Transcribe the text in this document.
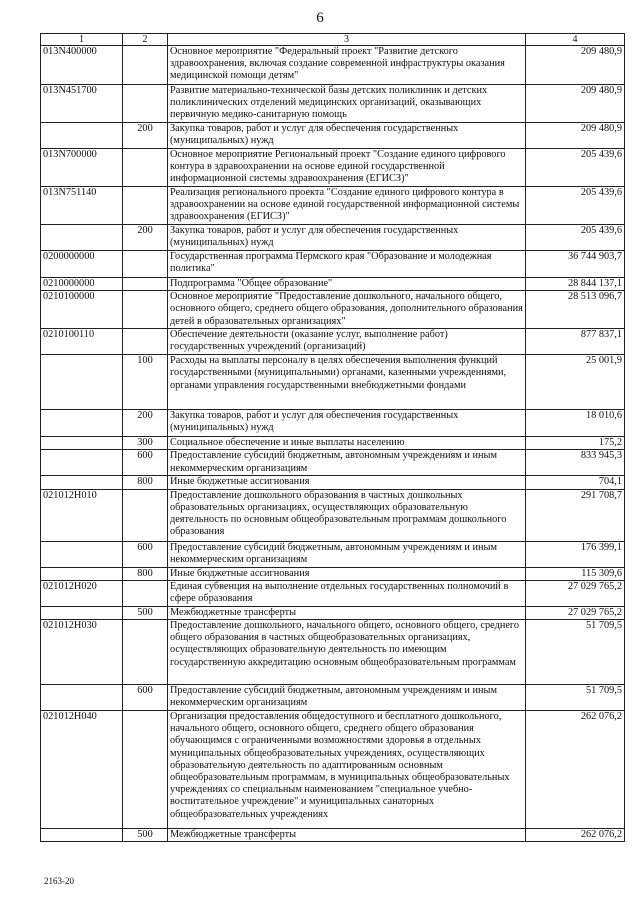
6
1	2	3	4
013N400000		Основное мероприятие "Федеральный проект "Развитие детского здравоохранения, включая создание современной инфраструктуры оказания медицинской помощи детям"	209 480,9
013N451700		Развитие материально-технической базы детских поликлиник и детских поликлинических отделений медицинских организаций, оказывающих первичную медико-санитарную помощь	209 480,9
	200	Закупка товаров, работ и услуг для обеспечения государственных (муниципальных) нужд	209 480,9
013N700000		Основное мероприятие Региональный проект "Создание единого цифрового контура в здравоохранении на основе единой государственной информационной системы здравоохранения (ЕГИСЗ)"	205 439,6
013N751140		Реализация регионального проекта "Создание единого цифрового контура в здравоохранении на основе единой государственной информационной системы здравоохранения (ЕГИСЗ)"	205 439,6
	200	Закупка товаров, работ и услуг для обеспечения государственных (муниципальных) нужд	205 439,6
0200000000		Государственная программа Пермского края "Образование и молодежная политика"	36 744 903,7
0210000000		Подпрограмма "Общее образование"	28 844 137,1
0210100000		Основное мероприятие "Предоставление дошкольного, начального общего, основного общего, среднего общего образования, дополнительного образования детей в образовательных организациях"	28 513 096,7
0210100110		Обеспечение деятельности (оказание услуг, выполнение работ) государственных учреждений (организаций)	877 837,1
	100	Расходы на выплаты персоналу в целях обеспечения выполнения функций государственными (муниципальными) органами, казенными учреждениями, органами управления государственными внебюджетными фондами	25 001,9
	200	Закупка товаров, работ и услуг для обеспечения государственных (муниципальных) нужд	18 010,6
	300	Социальное обеспечение и иные выплаты населению	175,2
	600	Предоставление субсидий бюджетным, автономным учреждениям и иным некоммерческим организациям	833 945,3
	800	Иные бюджетные ассигнования	704,1
021012Н010		Предоставление дошкольного образования в частных дошкольных образовательных организациях, осуществляющих образовательную деятельность по основным общеобразовательным программам дошкольного образования	291 708,7
	600	Предоставление субсидий бюджетным, автономным учреждениям и иным некоммерческим организациям	176 399,1
	800	Иные бюджетные ассигнования	115 309,6
021012Н020		Единая субвенция на выполнение отдельных государственных полномочий в сфере образования	27 029 765,2
	500	Межбюджетные трансферты	27 029 765,2
021012Н030		Предоставление дошкольного, начального общего, основного общего, среднего общего образования в частных общеобразовательных организациях, осуществляющих образовательную деятельность по имеющим государственную аккредитацию основным общеобразовательным программам	51 709,5
	600	Предоставление субсидий бюджетным, автономным учреждениям и иным некоммерческим организациям	51 709,5
021012Н040		Организация предоставления общедоступного и бесплатного дошкольного, начального общего, основного общего, среднего общего образования обучающимся с ограниченными возможностями здоровья в отдельных муниципальных общеобразовательных учреждениях, осуществляющих образовательную деятельность по адаптированным основным общеобразовательным программам, в муниципальных общеобразовательных учреждениях со специальным наименованием "специальное учебно-воспитательное учреждение" и муниципальных санаторных общеобразовательных учреждениях	262 076,2
	500	Межбюджетные трансферты	262 076,2
2163-20
